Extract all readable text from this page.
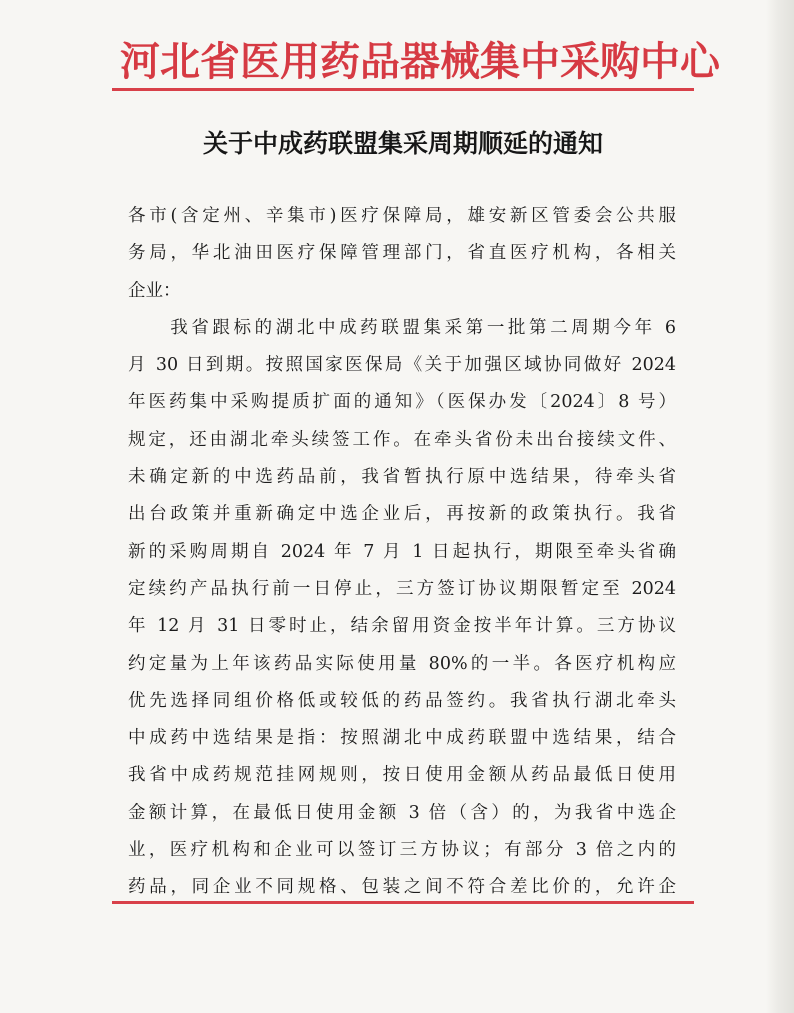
河北省医用药品器械集中采购中心
关于中成药联盟集采周期顺延的通知
各市(含定州、辛集市)医疗保障局，雄安新区管委会公共服
务局，华北油田医疗保障管理部门，省直医疗机构，各相关
企业：
　　我省跟标的湖北中成药联盟集采第一批第二周期今年 6
月 30 日到期。按照国家医保局《关于加强区域协同做好 2024
年医药集中采购提质扩面的通知》（医保办发〔2024〕8 号）
规定，还由湖北牵头续签工作。在牵头省份未出台接续文件、
未确定新的中选药品前，我省暂执行原中选结果，待牵头省
出台政策并重新确定中选企业后，再按新的政策执行。我省
新的采购周期自 2024 年 7 月 1 日起执行，期限至牵头省确
定续约产品执行前一日停止，三方签订协议期限暂定至 2024
年 12 月 31 日零时止，结余留用资金按半年计算。三方协议
约定量为上年该药品实际使用量 80%的一半。各医疗机构应
优先选择同组价格低或较低的药品签约。我省执行湖北牵头
中成药中选结果是指：按照湖北中成药联盟中选结果，结合
我省中成药规范挂网规则，按日使用金额从药品最低日使用
金额计算，在最低日使用金额 3 倍（含）的，为我省中选企
业，医疗机构和企业可以签订三方协议；有部分 3 倍之内的
药品，同企业不同规格、包装之间不符合差比价的，允许企
